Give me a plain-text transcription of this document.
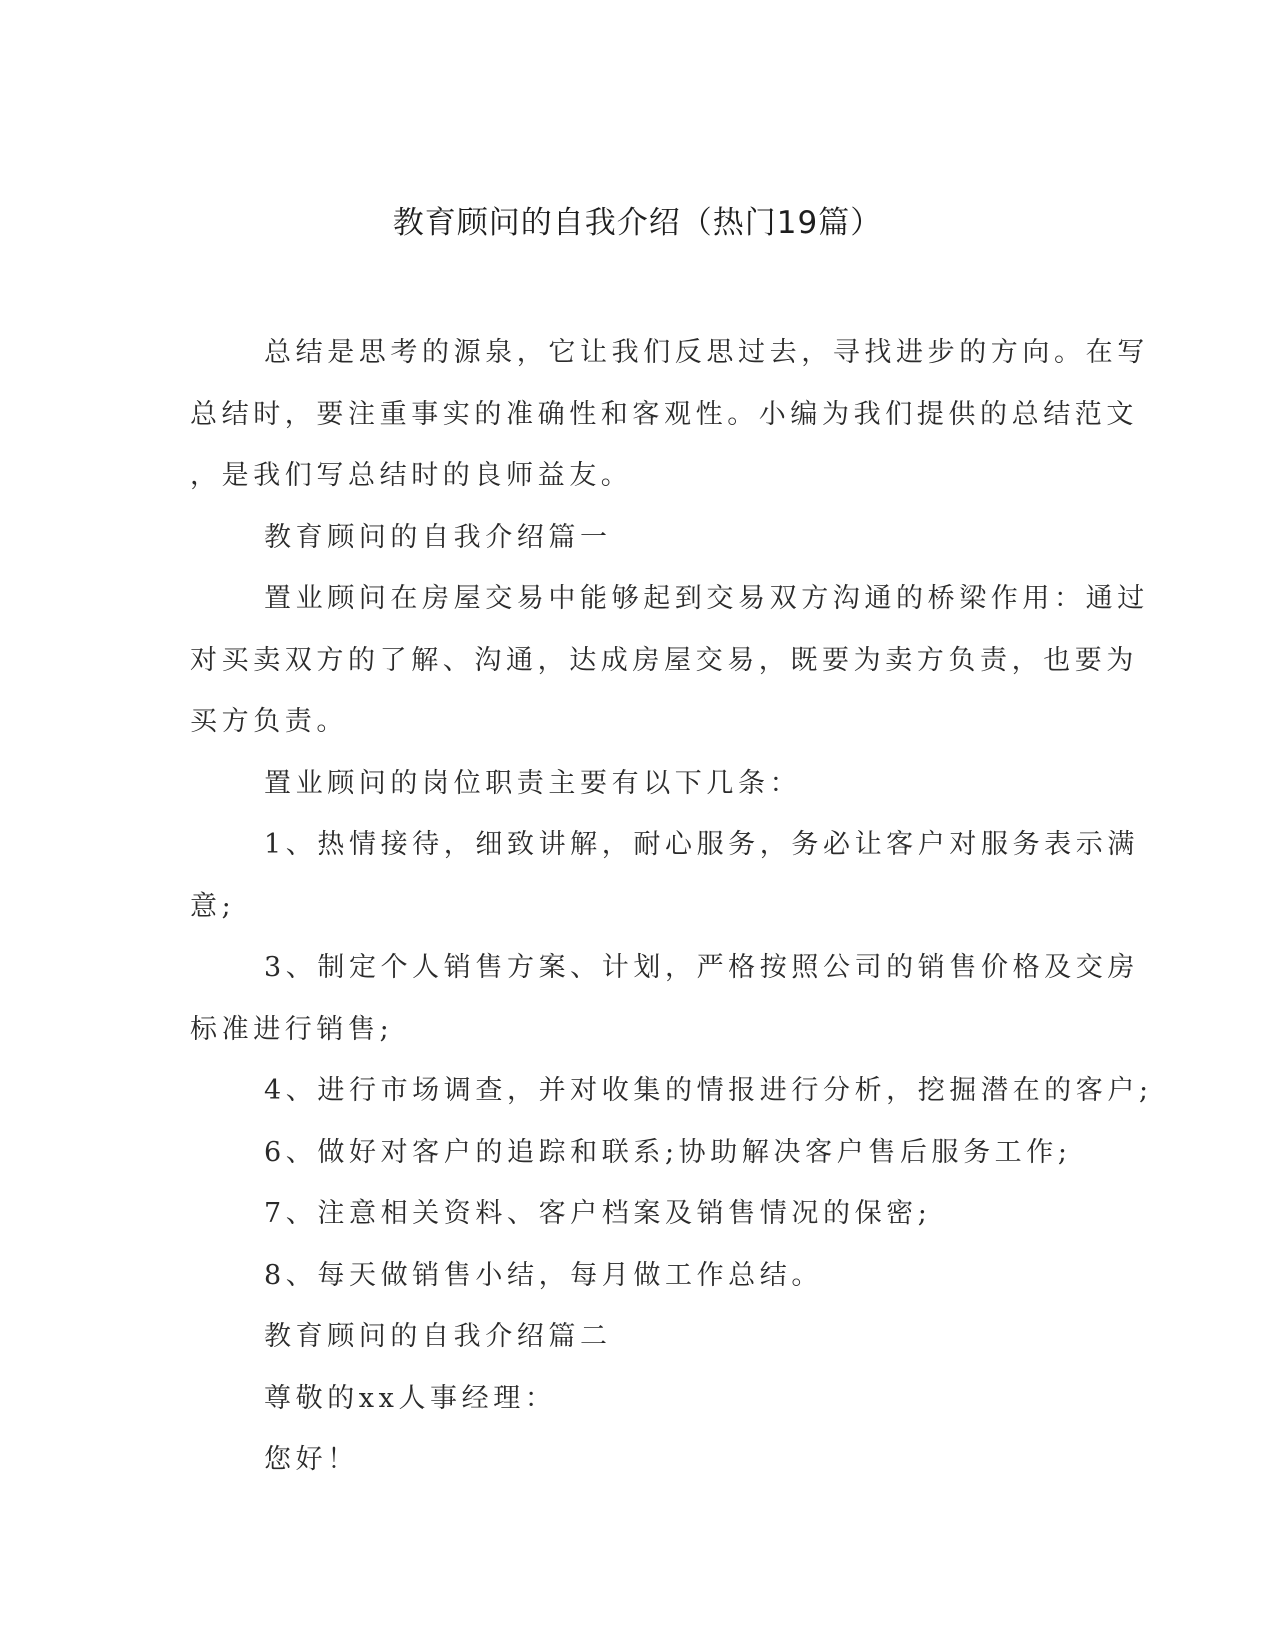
教育顾问的自我介绍（热门19篇）
总结是思考的源泉，它让我们反思过去，寻找进步的方向。在写
总结时，要注重事实的准确性和客观性。小编为我们提供的总结范文
，是我们写总结时的良师益友。
教育顾问的自我介绍篇一
置业顾问在房屋交易中能够起到交易双方沟通的桥梁作用：通过
对买卖双方的了解、沟通，达成房屋交易，既要为卖方负责，也要为
买方负责。
置业顾问的岗位职责主要有以下几条：
1、热情接待，细致讲解，耐心服务，务必让客户对服务表示满
意;
3、制定个人销售方案、计划，严格按照公司的销售价格及交房
标准进行销售;
4、进行市场调查，并对收集的情报进行分析，挖掘潜在的客户;
6、做好对客户的追踪和联系;协助解决客户售后服务工作;
7、注意相关资料、客户档案及销售情况的保密;
8、每天做销售小结，每月做工作总结。
教育顾问的自我介绍篇二
尊敬的xx人事经理：
您好！
